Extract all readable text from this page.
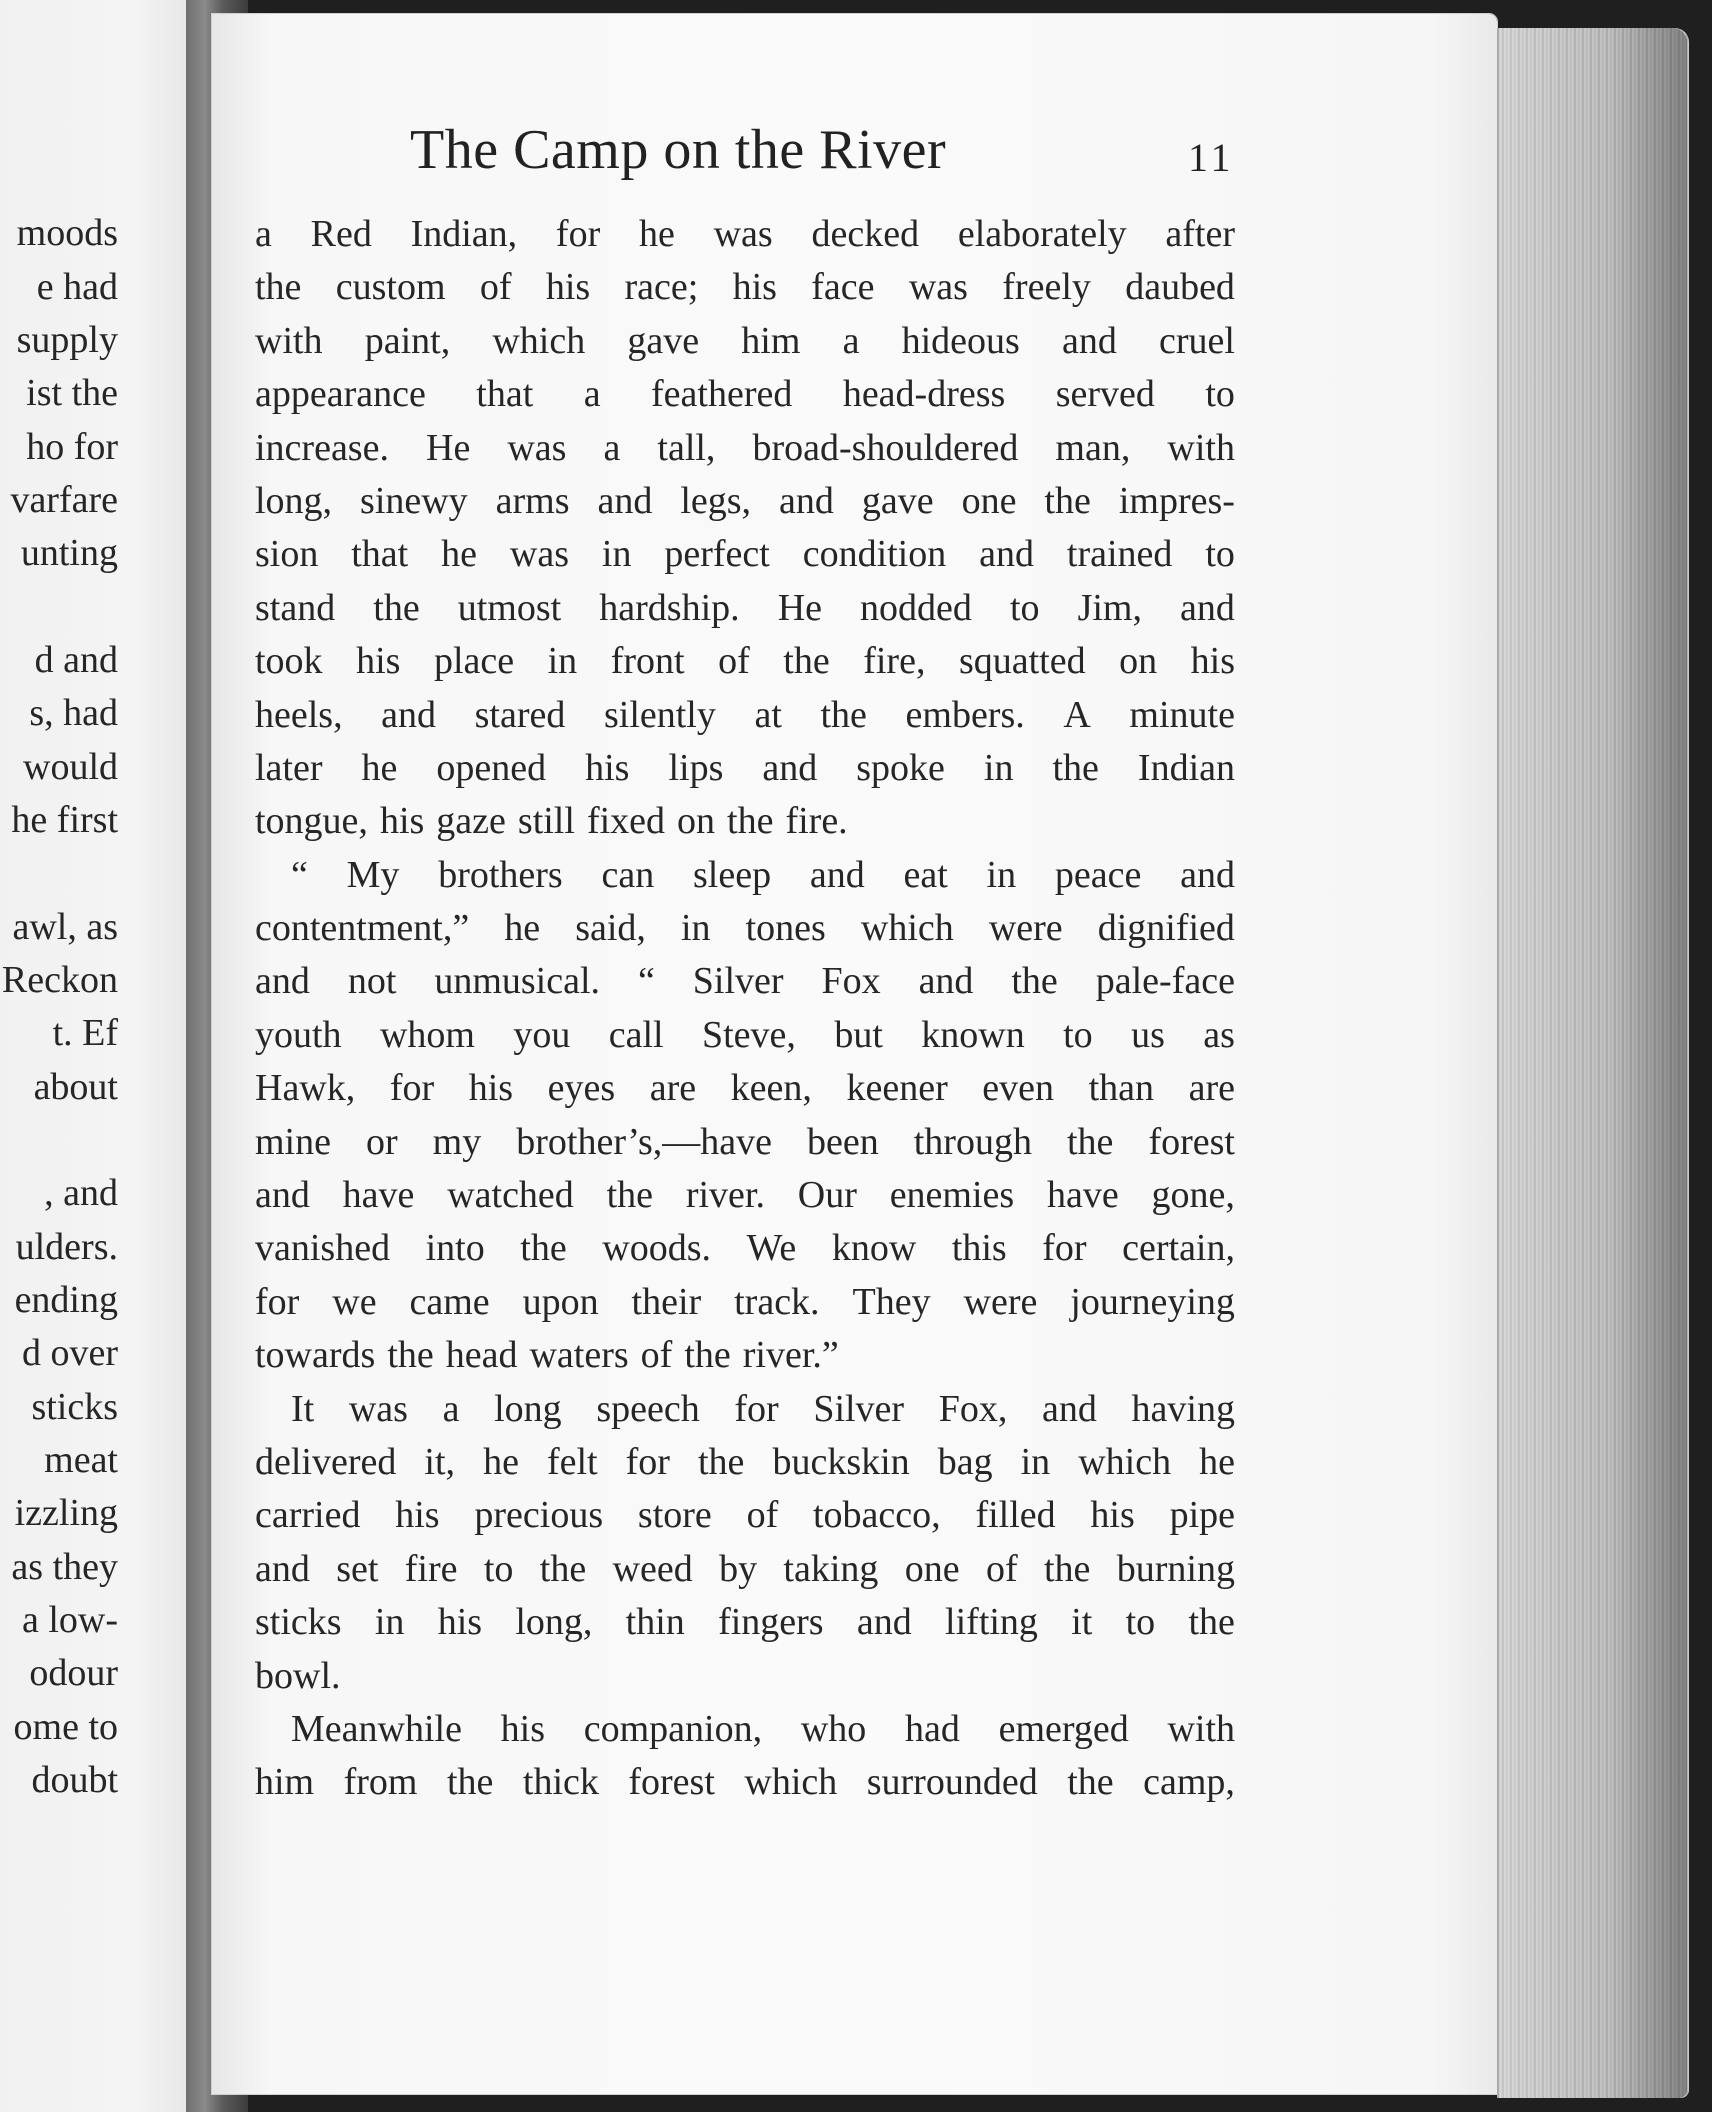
moods
e had
supply
ist the
ho for
varfare
unting
d and
s, had
would
he first
awl, as
Reckon
t. Ef
about
, and
ulders.
ending
d over
sticks
meat
izzling
as they
a low-
odour
ome to
doubt
The Camp on the River	11
a Red Indian, for he was decked elaborately after
the custom of his race; his face was freely daubed
with paint, which gave him a hideous and cruel
appearance that a feathered head-dress served to
increase. He was a tall, broad-shouldered man, with
long, sinewy arms and legs, and gave one the impres-
sion that he was in perfect condition and trained to
stand the utmost hardship. He nodded to Jim, and
took his place in front of the fire, squatted on his
heels, and stared silently at the embers. A minute
later he opened his lips and spoke in the Indian
tongue, his gaze still fixed on the fire.
“ My brothers can sleep and eat in peace and
contentment,” he said, in tones which were dignified
and not unmusical. “ Silver Fox and the pale-face
youth whom you call Steve, but known to us as
Hawk, for his eyes are keen, keener even than are
mine or my brother’s,—have been through the forest
and have watched the river. Our enemies have gone,
vanished into the woods. We know this for certain,
for we came upon their track. They were journeying
towards the head waters of the river.”
It was a long speech for Silver Fox, and having
delivered it, he felt for the buckskin bag in which he
carried his precious store of tobacco, filled his pipe
and set fire to the weed by taking one of the burning
sticks in his long, thin fingers and lifting it to the
bowl.
Meanwhile his companion, who had emerged with
him from the thick forest which surrounded the camp,
